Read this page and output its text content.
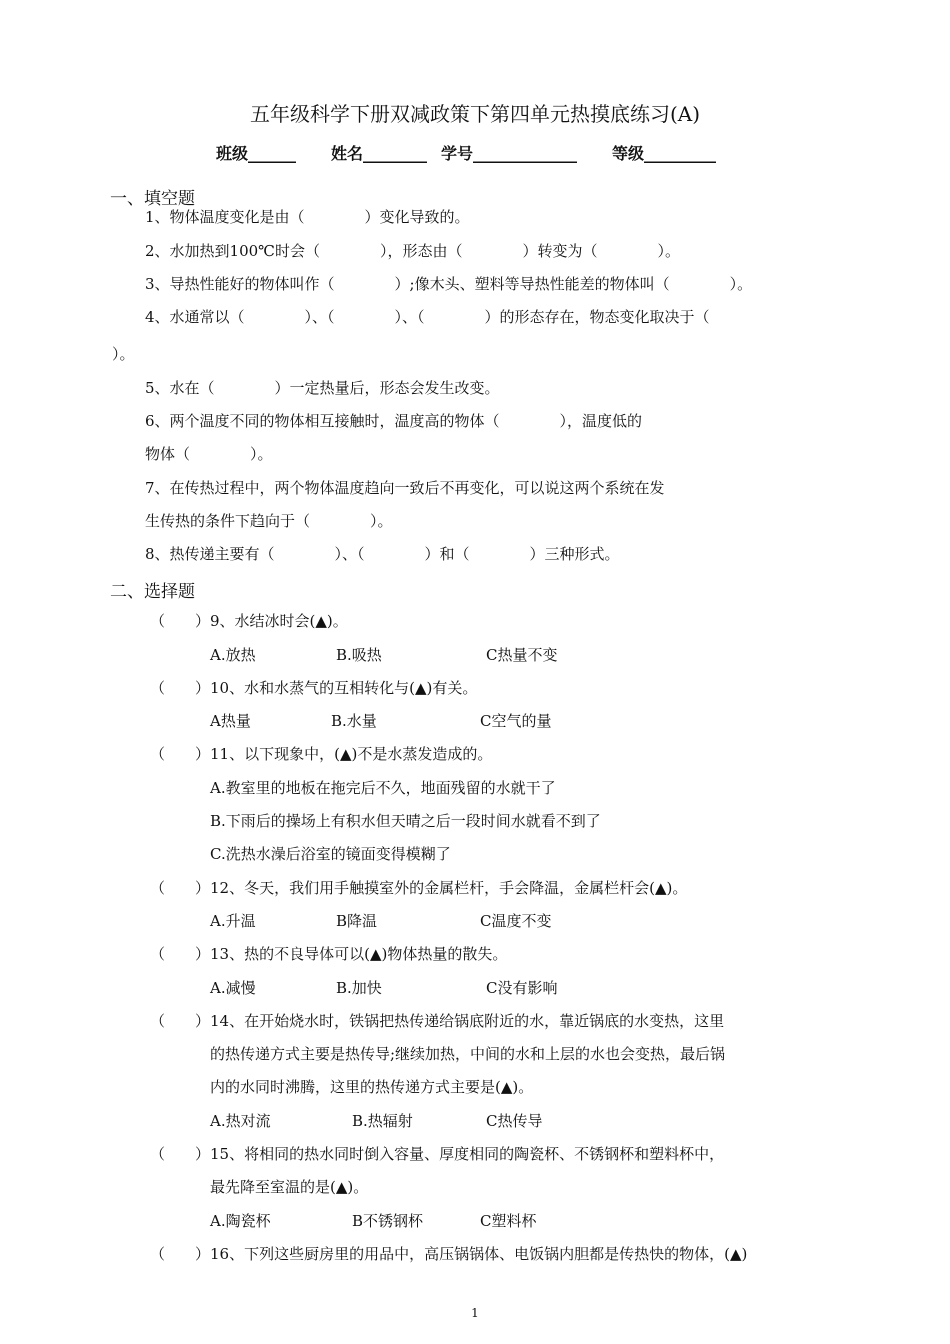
五年级科学下册双减政策下第四单元热摸底练习(A)
班级______ 姓名________ 学号_____________ 等级_________
一、填空题
1、物体温度变化是由（　　　　）变化导致的。
2、水加热到100℃时会（　　　　），形态由（　　　　）转变为（　　　　）。
3、导热性能好的物体叫作（　　　　）;像木头、塑料等导热性能差的物体叫（　　　　）。
4、水通常以（　　　　）、（　　　　）、（　　　　）的形态存在，物态变化取决于（
）。
5、水在（　　　　）一定热量后，形态会发生改变。
6、两个温度不同的物体相互接触时，温度高的物体（　　　　），温度低的
物体（　　　　）。
7、在传热过程中，两个物体温度趋向一致后不再变化，可以说这两个系统在发
生传热的条件下趋向于（　　　　）。
8、热传递主要有（　　　　）、（　　　　）和（　　　　）三种形式。
二、选择题
（　　） 9、水结冰时会(▲)。
A.放热	B.吸热	C热量不变
（　　） 10、水和水蒸气的互相转化与(▲)有关。
A热量	B.水量	C空气的量
（　　） 11、以下现象中，(▲)不是水蒸发造成的。
A.教室里的地板在拖完后不久，地面残留的水就干了
B.下雨后的操场上有积水但天晴之后一段时间水就看不到了
C.洗热水澡后浴室的镜面变得模糊了
（　　） 12、冬天，我们用手触摸室外的金属栏杆，手会降温，金属栏杆会(▲)。
A.升温	B降温	C温度不变
（　　） 13、热的不良导体可以(▲)物体热量的散失。
A.减慢	B.加快	C没有影响
（　　） 14、在开始烧水时，铁锅把热传递给锅底附近的水，靠近锅底的水变热，这里
的热传递方式主要是热传导;继续加热，中间的水和上层的水也会变热，最后锅
内的水同时沸腾，这里的热传递方式主要是(▲)。
A.热对流	B.热辐射	C热传导
（　　） 15、将相同的热水同时倒入容量、厚度相同的陶瓷杯、不锈钢杯和塑料杯中，
最先降至室温的是(▲)。
A.陶瓷杯	B不锈钢杯	C塑料杯
（　　） 16、下列这些厨房里的用品中，高压锅锅体、电饭锅内胆都是传热快的物体，(▲)
1
